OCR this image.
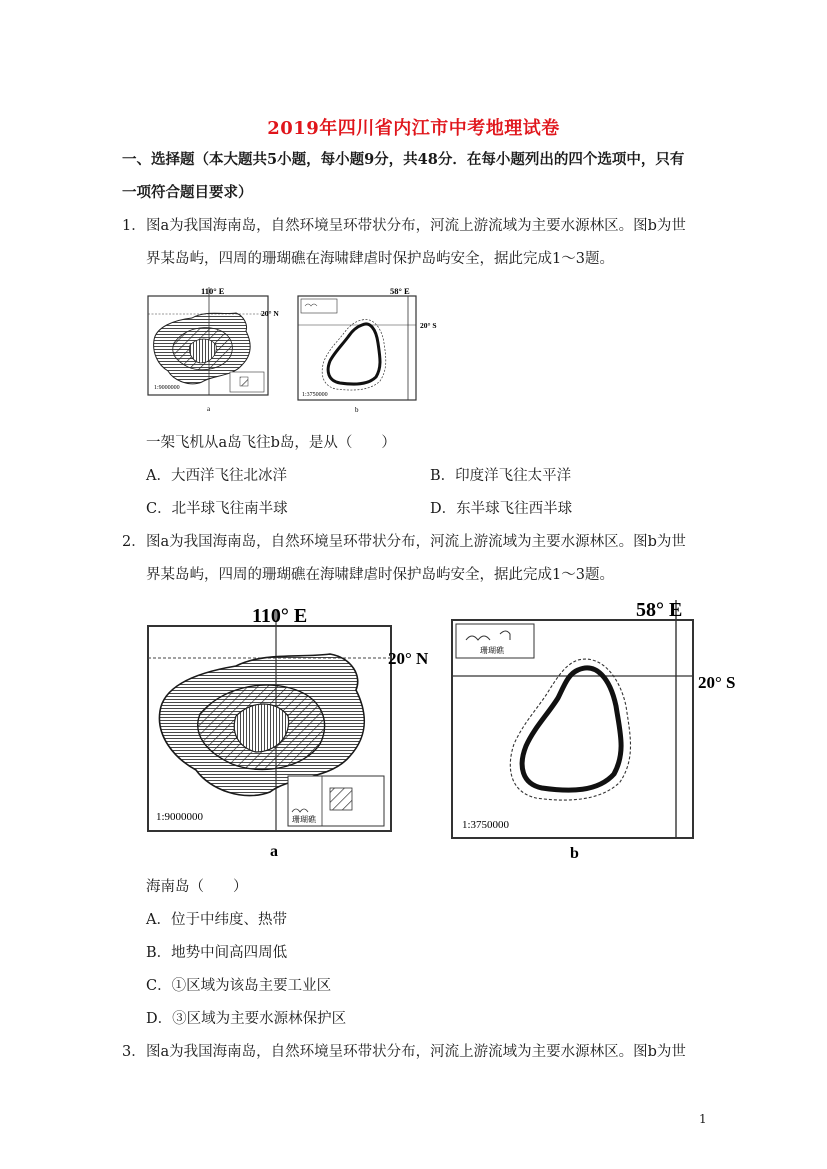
2019年四川省内江市中考地理试卷
一、选择题（本大题共5小题，每小题9分，共48分．在每小题列出的四个选项中，只有
一项符合题目要求）
1． 图a为我国海南岛，自然环境呈环带状分布，河流上游流域为主要水源林区。图b为世
界某岛屿，四周的珊瑚礁在海啸肆虐时保护岛屿安全，据此完成1～3题。
1:9000000
110° E
20° N
a
1:3750000
58° E
20° S
b
一架飞机从a岛飞往b岛，是从（　　）
A．大西洋飞往北冰洋	B．印度洋飞往太平洋
C．北半球飞往南半球	D．东半球飞往西半球
2． 图a为我国海南岛，自然环境呈环带状分布，河流上游流域为主要水源林区。图b为世
界某岛屿，四周的珊瑚礁在海啸肆虐时保护岛屿安全，据此完成1～3题。
珊瑚礁
1:9000000
110° E
20° N
a
珊瑚礁
1:3750000
58° E
20° S
b
海南岛（　　）
A．位于中纬度、热带
B．地势中间高四周低
C．①区域为该岛主要工业区
D．③区域为主要水源林保护区
3． 图a为我国海南岛，自然环境呈环带状分布，河流上游流域为主要水源林区。图b为世
1
